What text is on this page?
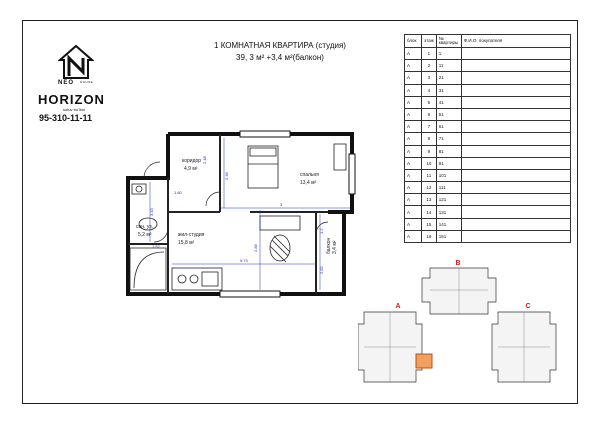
NEO HOUSE
HORIZON
sotuv bo'limi
95-310-11-11
1 КОМНАТНАЯ КВАРТИРА (студия)
39, 3 м² +3,4 м²(балкон)
блок	этаж	№ квартиры	Ф.И.О. покупателя
A	1	1	
A	2	11	
A	3	21	
A	4	31	
A	5	41	
A	6	51	
A	7	61	
A	8	71	
A	9	81	
A	10	91	
A	11	101	
A	12	111	
A	13	121	
A	14	131	
A	15	141	
A	16	151	
коридор
4,9 м²
спальня
13,4 м²
сан. уз.
5,2 м²	жил-студия
15,8 м²	балкон 3,4 м²
2.48
3
2.48
1.80
3.43
1.52	2.88
5.73
1.2
2.82
B
A	C
